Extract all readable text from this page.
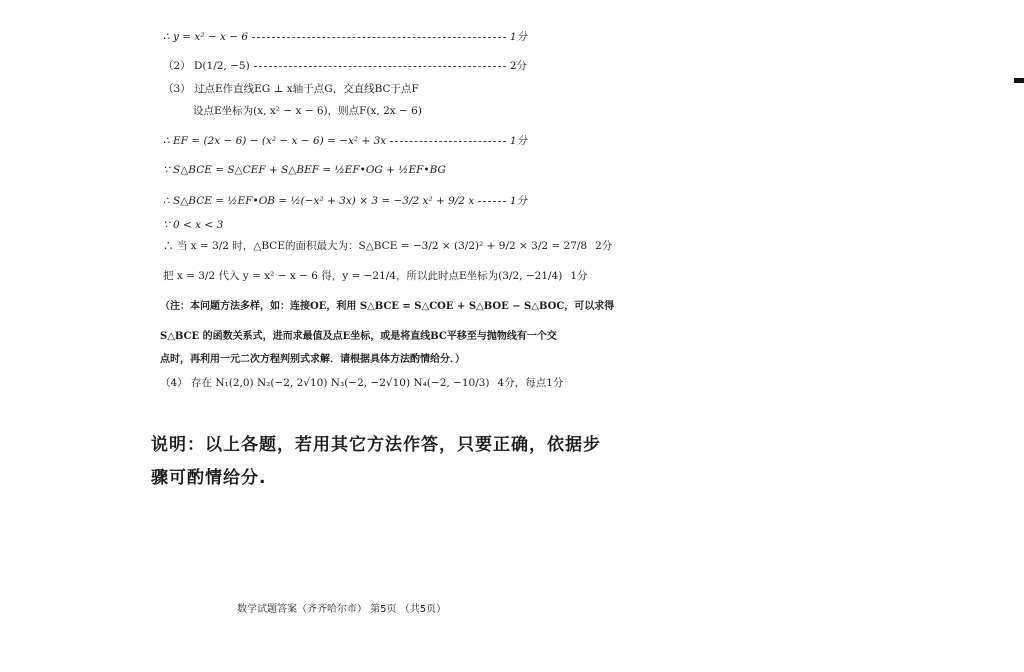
∴ y = x² − x − 6	1分
（2） D(1/2, −5)	2分
（3） 过点E作直线EG ⊥ x轴于点G，交直线BC于点F
设点E坐标为(x, x² − x − 6)，则点F(x, 2x − 6)
∴ EF = (2x − 6) − (x² − x − 6) = −x² + 3x	1分
∵ S△BCE = S△CEF + S△BEF = ½EF•OG + ½EF•BG
∴ S△BCE = ½EF•OB = ½(−x² + 3x) × 3 = −3/2 x² + 9/2 x	1分
∵ 0 < x < 3
∴ 当 x = 3/2 时，△BCE的面积最大为：S△BCE = −3/2 × (3/2)² + 9/2 × 3/2 = 27/8 2分
把 x = 3/2 代入 y = x² − x − 6 得，y = −21/4，所以此时点E坐标为(3/2, −21/4) 1分
（注：本问题方法多样，如：连接OE，利用 S△BCE = S△COE + S△BOE − S△BOC，可以求得
S△BCE 的函数关系式，进而求最值及点E坐标，或是将直线BC平移至与抛物线有一个交
点时，再利用一元二次方程判别式求解．请根据具体方法酌情给分．）
（4） 存在 N₁(2,0) N₂(−2, 2√10) N₃(−2, −2√10) N₄(−2, −10/3) 4分，每点1分
说明：以上各题，若用其它方法作答，只要正确，依据步
骤可酌情给分.
数学试题答案（齐齐哈尔市） 第5页 （共5页）
